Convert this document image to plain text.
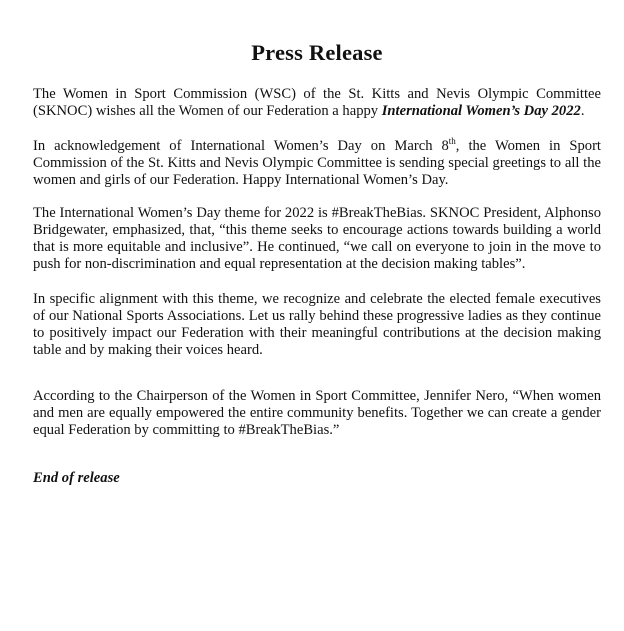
Press Release

The Women in Sport Commission (WSC) of the St. Kitts and Nevis Olympic Committee (SKNOC) wishes all the Women of our Federation a happy International Women’s Day 2022.

In acknowledgement of International Women’s Day on March 8th, the Women in Sport Commission of the St. Kitts and Nevis Olympic Committee is sending special greetings to all the women and girls of our Federation. Happy International Women’s Day.

The International Women’s Day theme for 2022 is #BreakTheBias. SKNOC President, Alphonso Bridgewater, emphasized, that, “this theme seeks to encourage actions towards building a world that is more equitable and inclusive”. He continued, “we call on everyone to join in the move to push for non-discrimination and equal representation at the decision making tables”.

In specific alignment with this theme, we recognize and celebrate the elected female executives of our National Sports Associations. Let us rally behind these progressive ladies as they continue to positively impact our Federation with their meaningful contributions at the decision making table and by making their voices heard.

According to the Chairperson of the Women in Sport Committee, Jennifer Nero, “When women and men are equally empowered the entire community benefits. Together we can create a gender equal Federation by committing to #BreakTheBias.”

End of release
